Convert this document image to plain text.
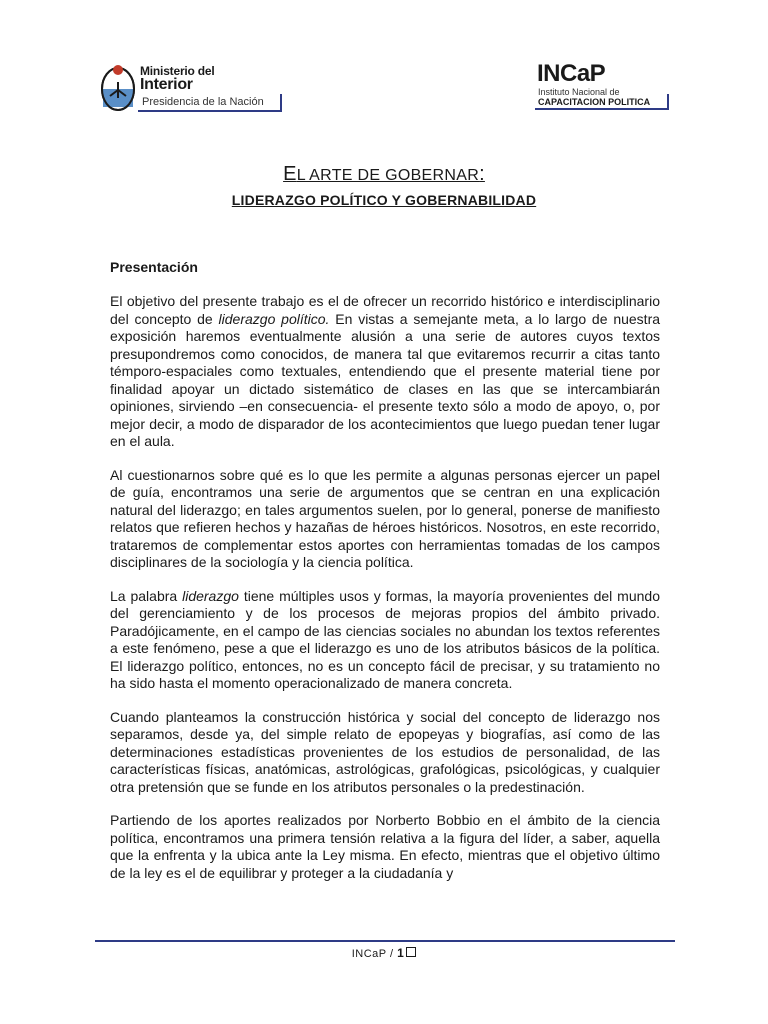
Ministerio del
Interior
Presidencia de la Nación
INCaP
Instituto Nacional de
CAPACITACION POLITICA
EL ARTE DE GOBERNAR:
LIDERAZGO POLÍTICO Y GOBERNABILIDAD
Presentación

El objetivo del presente trabajo es el de ofrecer un recorrido histórico e interdisciplinario del concepto de liderazgo político. En vistas a semejante meta, a lo largo de nuestra exposición haremos eventualmente alusión a una serie de autores cuyos textos presupondremos como conocidos, de manera tal que evitaremos recurrir a citas tanto témporo-espaciales como textuales, entendiendo que el presente material tiene por finalidad apoyar un dictado sistemático de clases en las que se intercambiarán opiniones, sirviendo –en consecuencia- el presente texto sólo a modo de apoyo, o, por mejor decir, a modo de disparador de los acontecimientos que luego puedan tener lugar en el aula.

Al cuestionarnos sobre qué es lo que les permite a algunas personas ejercer un papel de guía, encontramos una serie de argumentos que se centran en una explicación natural del liderazgo; en tales argumentos suelen, por lo general, ponerse de manifiesto relatos que refieren hechos y hazañas de héroes históricos. Nosotros, en este recorrido, trataremos de complementar estos aportes con herramientas tomadas de los campos disciplinares de la sociología y la ciencia política.

La palabra liderazgo tiene múltiples usos y formas, la mayoría provenientes del mundo del gerenciamiento y de los procesos de mejoras propios del ámbito privado. Paradójicamente, en el campo de las ciencias sociales no abundan los textos referentes a este fenómeno, pese a que el liderazgo es uno de los atributos básicos de la política. El liderazgo político, entonces, no es un concepto fácil de precisar, y su tratamiento no ha sido hasta el momento operacionalizado de manera concreta.

Cuando planteamos la construcción histórica y social del concepto de liderazgo nos separamos, desde ya, del simple relato de epopeyas y biografías, así como de las determinaciones estadísticas provenientes de los estudios de personalidad, de las características físicas, anatómicas, astrológicas, grafológicas, psicológicas, y cualquier otra pretensión que se funde en los atributos personales o la predestinación.

Partiendo de los aportes realizados por Norberto Bobbio en el ámbito de la ciencia política, encontramos una primera tensión relativa a la figura del líder, a saber, aquella que la enfrenta y la ubica ante la Ley misma. En efecto, mientras que el objetivo último de la ley es el de equilibrar y proteger a la ciudadanía y

INCaP / 1
